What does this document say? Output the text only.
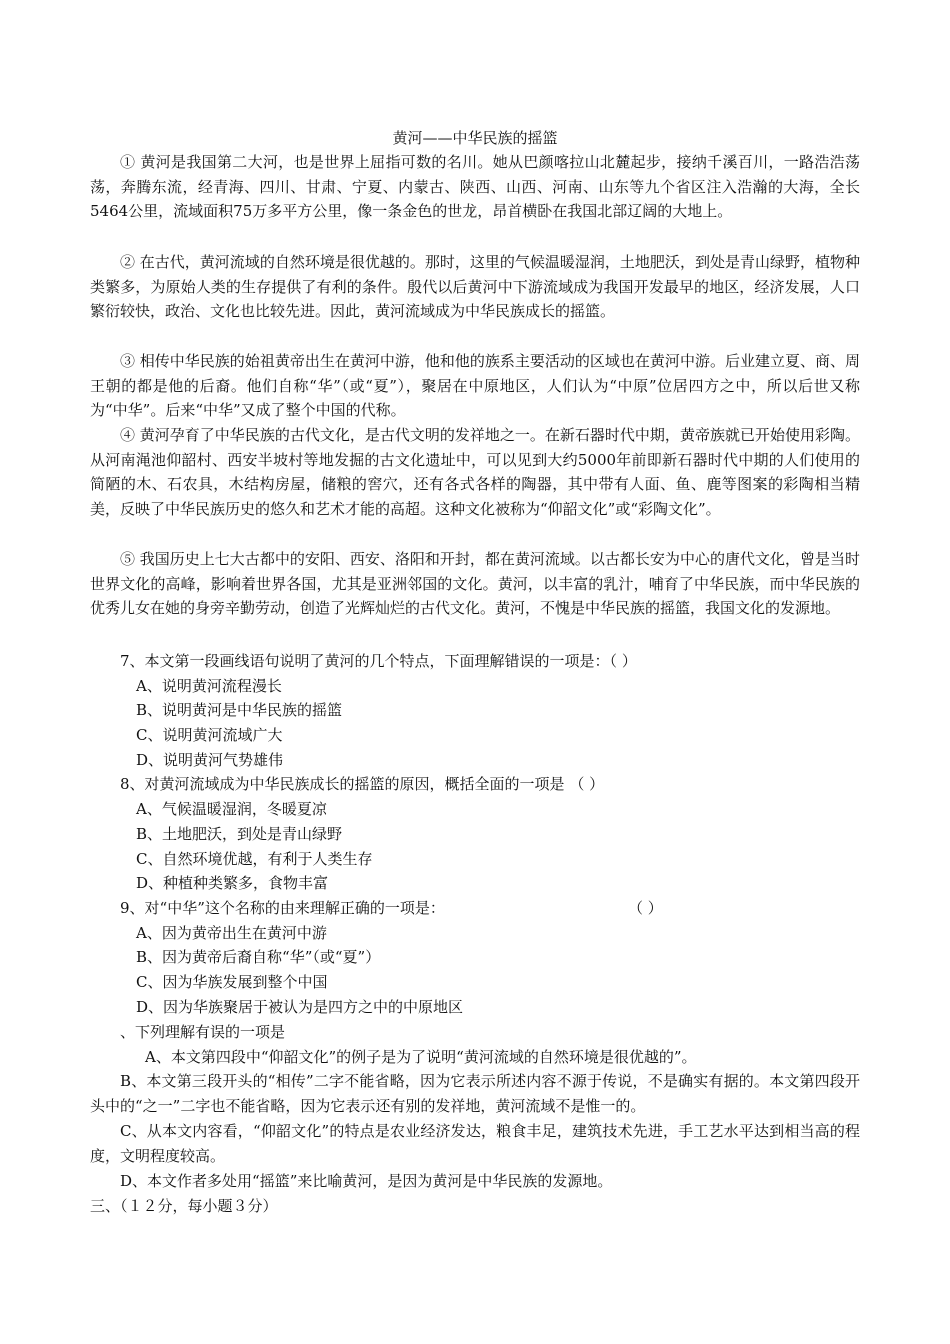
黄河——中华民族的摇篮

① 黄河是我国第二大河，也是世界上屈指可数的名川。她从巴颜喀拉山北麓起步，接纳千溪百川，一路浩浩荡荡，奔腾东流，经青海、四川、甘肃、宁夏、内蒙古、陕西、山西、河南、山东等九个省区注入浩瀚的大海，全长5464公里，流域面积75万多平方公里，像一条金色的世龙，昂首横卧在我国北部辽阔的大地上。

② 在古代，黄河流域的自然环境是很优越的。那时，这里的气候温暖湿润，土地肥沃，到处是青山绿野，植物种类繁多，为原始人类的生存提供了有利的条件。殷代以后黄河中下游流域成为我国开发最早的地区，经济发展，人口繁衍较快，政治、文化也比较先进。因此，黄河流域成为中华民族成长的摇篮。

③ 相传中华民族的始祖黄帝出生在黄河中游，他和他的族系主要活动的区域也在黄河中游。后业建立夏、商、周王朝的都是他的后裔。他们自称“华”（或“夏”），聚居在中原地区，人们认为“中原”位居四方之中，所以后世又称为“中华”。后来“中华”又成了整个中国的代称。

④ 黄河孕育了中华民族的古代文化，是古代文明的发祥地之一。在新石器时代中期，黄帝族就已开始使用彩陶。从河南渑池仰韶村、西安半坡村等地发掘的古文化遗址中，可以见到大约5000年前即新石器时代中期的人们使用的简陋的木、石农具，木结构房屋，储粮的窖穴，还有各式各样的陶器，其中带有人面、鱼、鹿等图案的彩陶相当精美，反映了中华民族历史的悠久和艺术才能的高超。这种文化被称为“仰韶文化”或“彩陶文化”。

⑤ 我国历史上七大古都中的安阳、西安、洛阳和开封，都在黄河流域。以古都长安为中心的唐代文化，曾是当时世界文化的高峰，影响着世界各国，尤其是亚洲邻国的文化。黄河，以丰富的乳汁，哺育了中华民族，而中华民族的优秀儿女在她的身旁辛勤劳动，创造了光辉灿烂的古代文化。黄河，不愧是中华民族的摇篮，我国文化的发源地。

7、本文第一段画线语句说明了黄河的几个特点，下面理解错误的一项是：（ ）

A、说明黄河流程漫长

B、说明黄河是中华民族的摇篮

C、说明黄河流域广大

D、说明黄河气势雄伟

8、对黄河流域成为中华民族成长的摇篮的原因，概括全面的一项是 （ ）

A、气候温暖湿润，冬暖夏凉

B、土地肥沃，到处是青山绿野

C、自然环境优越，有利于人类生存

D、种植种类繁多，食物丰富

9、对“中华”这个名称的由来理解正确的一项是：	（ ）

A、因为黄帝出生在黄河中游

B、因为黄帝后裔自称“华”（或“夏”）

C、因为华族发展到整个中国

D、因为华族聚居于被认为是四方之中的中原地区

、下列理解有误的一项是

A、本文第四段中“仰韶文化”的例子是为了说明“黄河流域的自然环境是很优越的”。

B、本文第三段开头的“相传”二字不能省略，因为它表示所述内容不源于传说，不是确实有据的。本文第四段开头中的“之一”二字也不能省略，因为它表示还有别的发祥地，黄河流域不是惟一的。

C、从本文内容看，“仰韶文化”的特点是农业经济发达，粮食丰足，建筑技术先进，手工艺水平达到相当高的程度，文明程度较高。

D、本文作者多处用“摇篮”来比喻黄河，是因为黄河是中华民族的发源地。

三、（１２分，每小题３分）
